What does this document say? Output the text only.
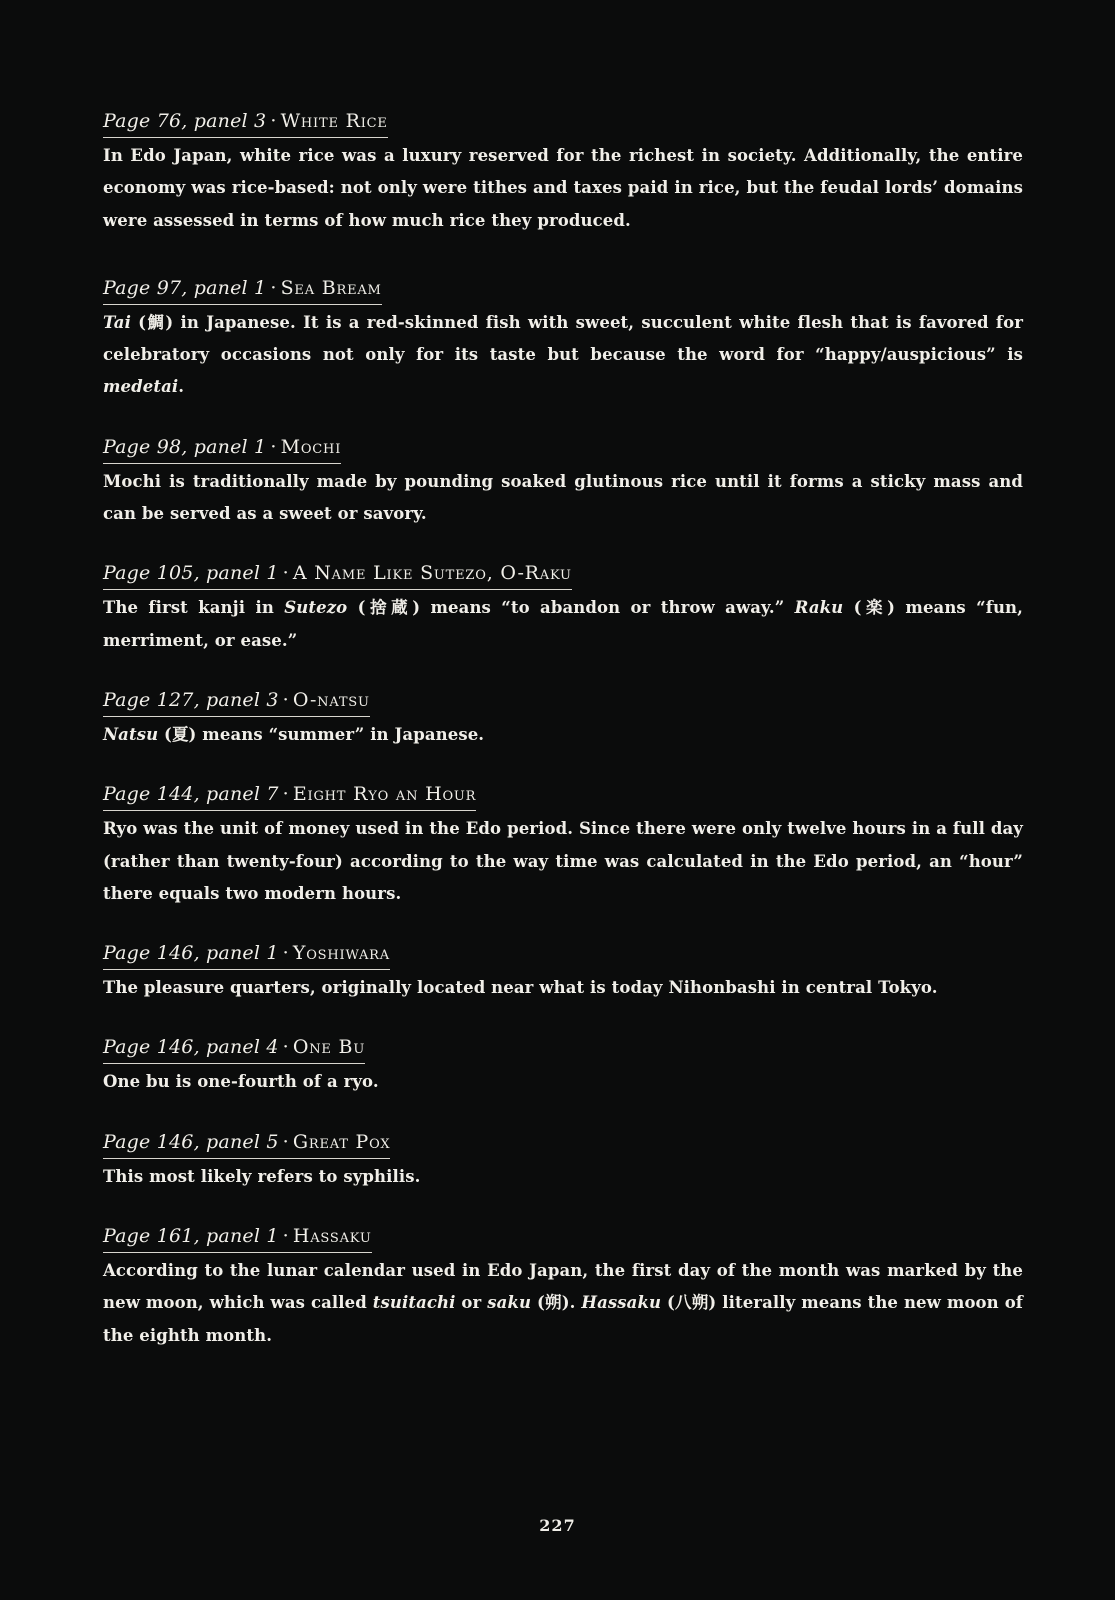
Page 76, panel 3 · White Rice

In Edo Japan, white rice was a luxury reserved for the richest in society. Additionally, the entire economy was rice-based: not only were tithes and taxes paid in rice, but the feudal lords’ domains were assessed in terms of how much rice they produced.

Page 97, panel 1 · Sea Bream

Tai (鯛) in Japanese. It is a red-skinned fish with sweet, succulent white flesh that is favored for celebratory occasions not only for its taste but because the word for “happy/auspicious” is medetai.

Page 98, panel 1 · Mochi

Mochi is traditionally made by pounding soaked glutinous rice until it forms a sticky mass and can be served as a sweet or savory.

Page 105, panel 1 · A Name Like Sutezo, O-Raku

The first kanji in Sutezo (捨蔵) means “to abandon or throw away.” Raku (楽) means “fun, merriment, or ease.”

Page 127, panel 3 · O-natsu

Natsu (夏) means “summer” in Japanese.

Page 144, panel 7 · Eight Ryo an Hour

Ryo was the unit of money used in the Edo period. Since there were only twelve hours in a full day (rather than twenty-four) according to the way time was calculated in the Edo period, an “hour” there equals two modern hours.

Page 146, panel 1 · Yoshiwara

The pleasure quarters, originally located near what is today Nihonbashi in central Tokyo.

Page 146, panel 4 · One Bu

One bu is one-fourth of a ryo.

Page 146, panel 5 · Great Pox

This most likely refers to syphilis.

Page 161, panel 1 · Hassaku

According to the lunar calendar used in Edo Japan, the first day of the month was marked by the new moon, which was called tsuitachi or saku (朔). Hassaku (八朔) literally means the new moon of the eighth month.

227
